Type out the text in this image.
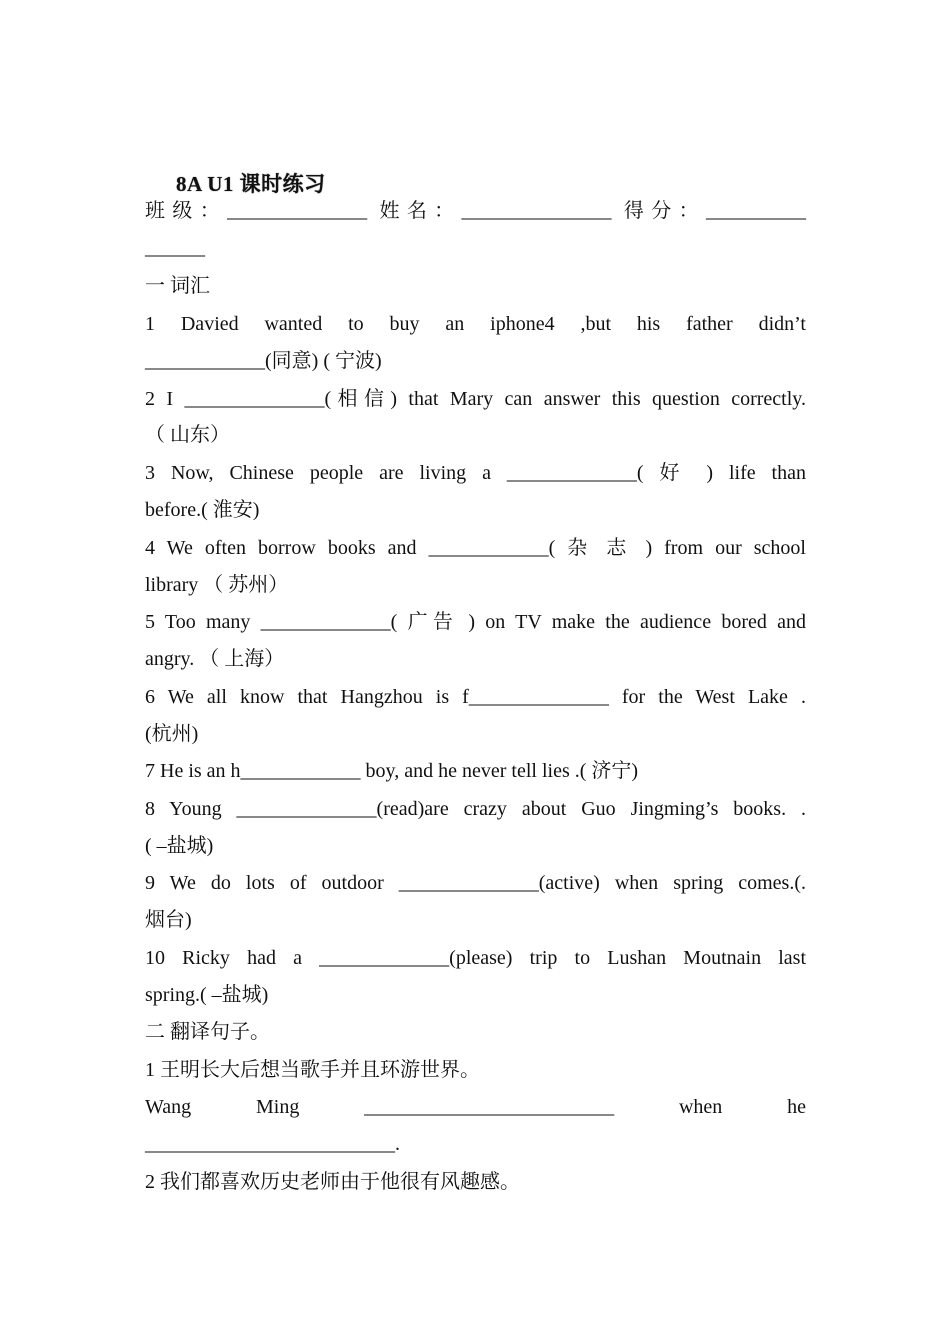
8A U1 课时练习
班级：______________ 姓名：_______________ 得分：__________
______
一 词汇
1 Davied wanted to buy an iphone4 ,but his father didn’t
____________(同意) ( 宁波)
2 I ______________(相信) that Mary can answer this question correctly.
（ 山东）
3 Now, Chinese people are living a _____________( 好 ) life than
before.( 淮安)
4 We often borrow books and ____________( 杂 志 ) from our school
library （ 苏州）
5 Too many _____________( 广告 ) on TV make the audience bored and
angry. （ 上海）
6 We all know that Hangzhou is f______________ for the West Lake .
(杭州)
7 He is an h____________ boy, and he never tell lies .( 济宁)
8 Young ______________(read)are crazy about Guo Jingming’s books. .
( –盐城)
9 We do lots of outdoor ______________(active) when spring comes.(.
烟台)
10 Ricky had a _____________(please) trip to Lushan Moutnain last
spring.( –盐城)
二 翻译句子。
1 王明长大后想当歌手并且环游世界。
Wang Ming _________________________ when he
_________________________.
2 我们都喜欢历史老师由于他很有风趣感。
